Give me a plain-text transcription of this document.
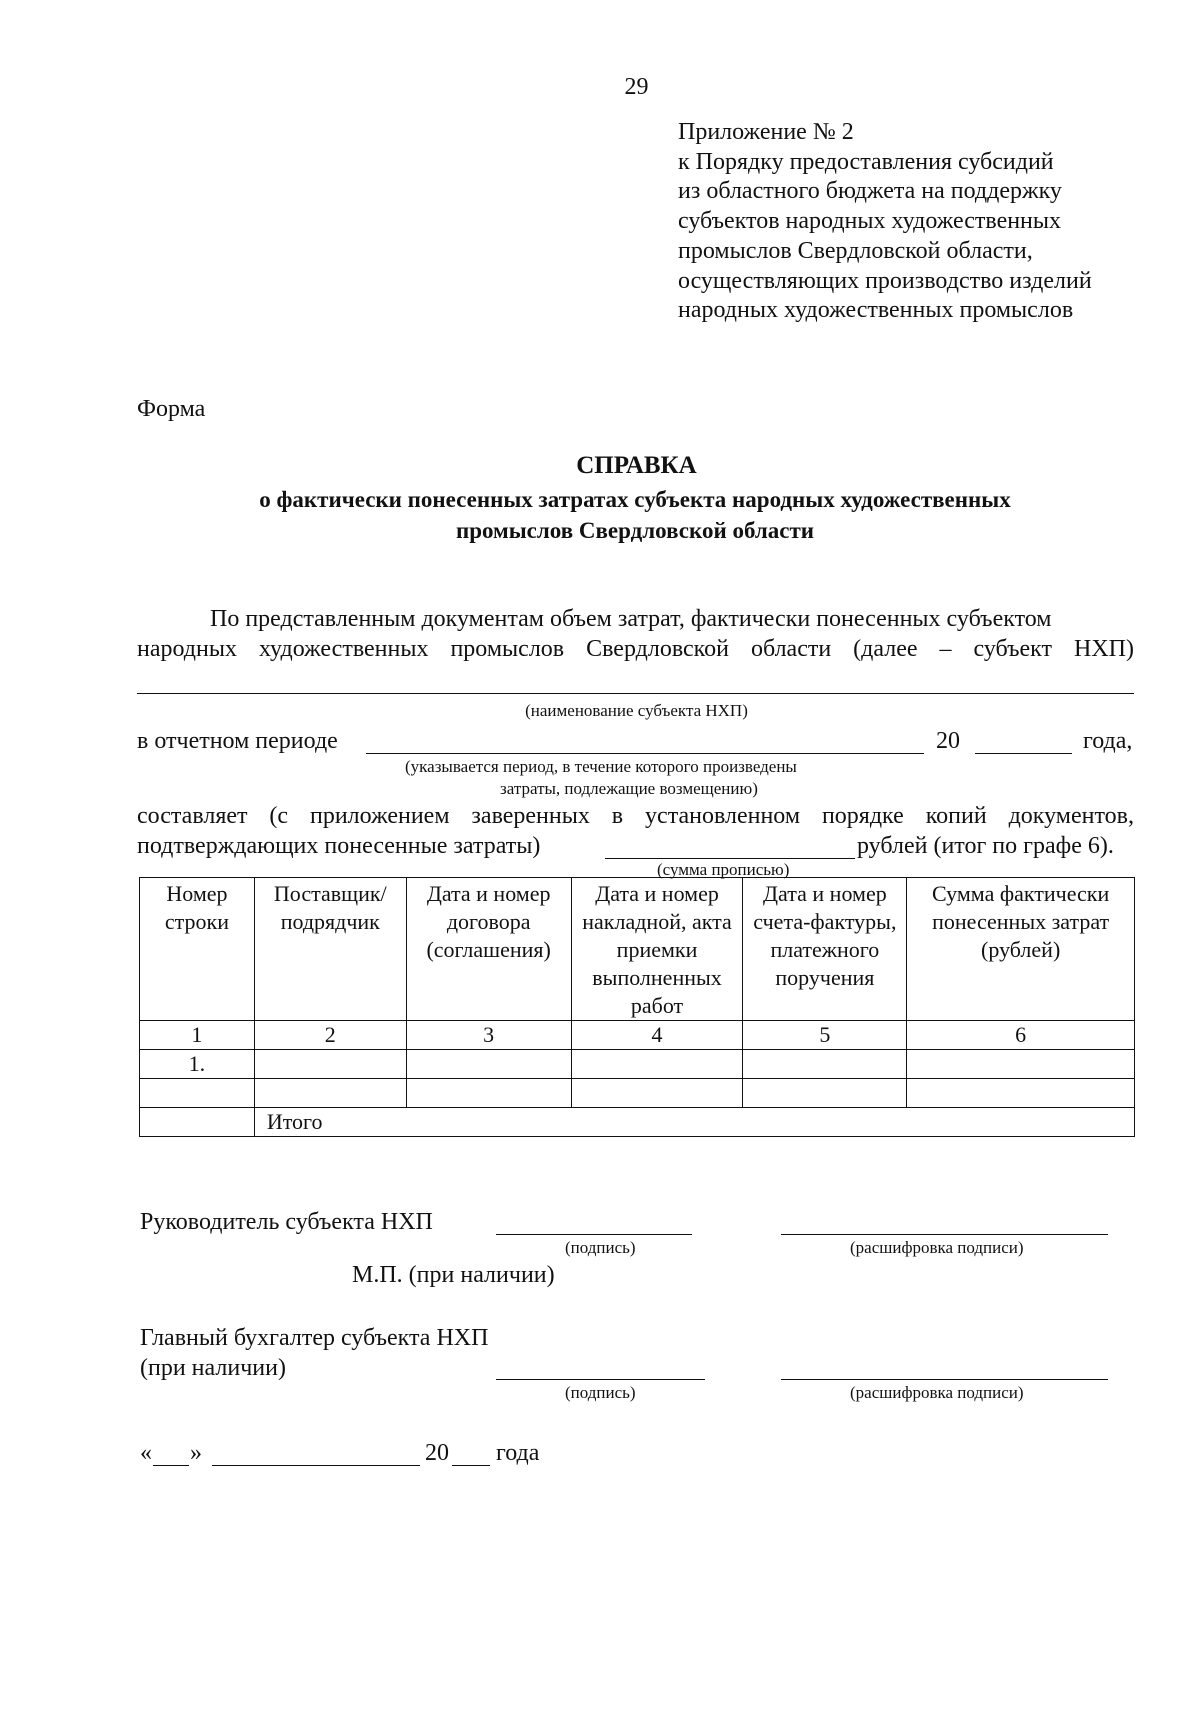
29
Приложение № 2
к Порядку предоставления субсидий
из областного бюджета на поддержку
субъектов народных художественных
промыслов Свердловской области,
осуществляющих производство изделий
народных художественных промыслов
Форма
СПРАВКА
о фактически понесенных затратах субъекта народных художественных промыслов Свердловской области
По представленным документам объем затрат, фактически понесенных субъектом
народных художественных промыслов Свердловской области (далее – субъект НХП)
(наименование субъекта НХП)
в отчетном периоде	20	года,
(указывается период, в течение которого произведены
затраты, подлежащие возмещению)
составляет (с приложением заверенных в установленном порядке копий документов,
подтверждающих понесенные затраты)	рублей (итог по графе 6).
(сумма прописью)
Номер строки	Поставщик/ подрядчик	Дата и номер договора (соглашения)	Дата и номер накладной, акта приемки выполненных работ	Дата и номер счета-фактуры, платежного поручения	Сумма фактически понесенных затрат (рублей)
1	2	3	4	5	6
1.					

	Итого				
Руководитель субъекта НХП
(подпись)	(расшифровка подписи)
М.П. (при наличии)
Главный бухгалтер субъекта НХП
(при наличии)
(подпись)	(расшифровка подписи)
« »	20 года
